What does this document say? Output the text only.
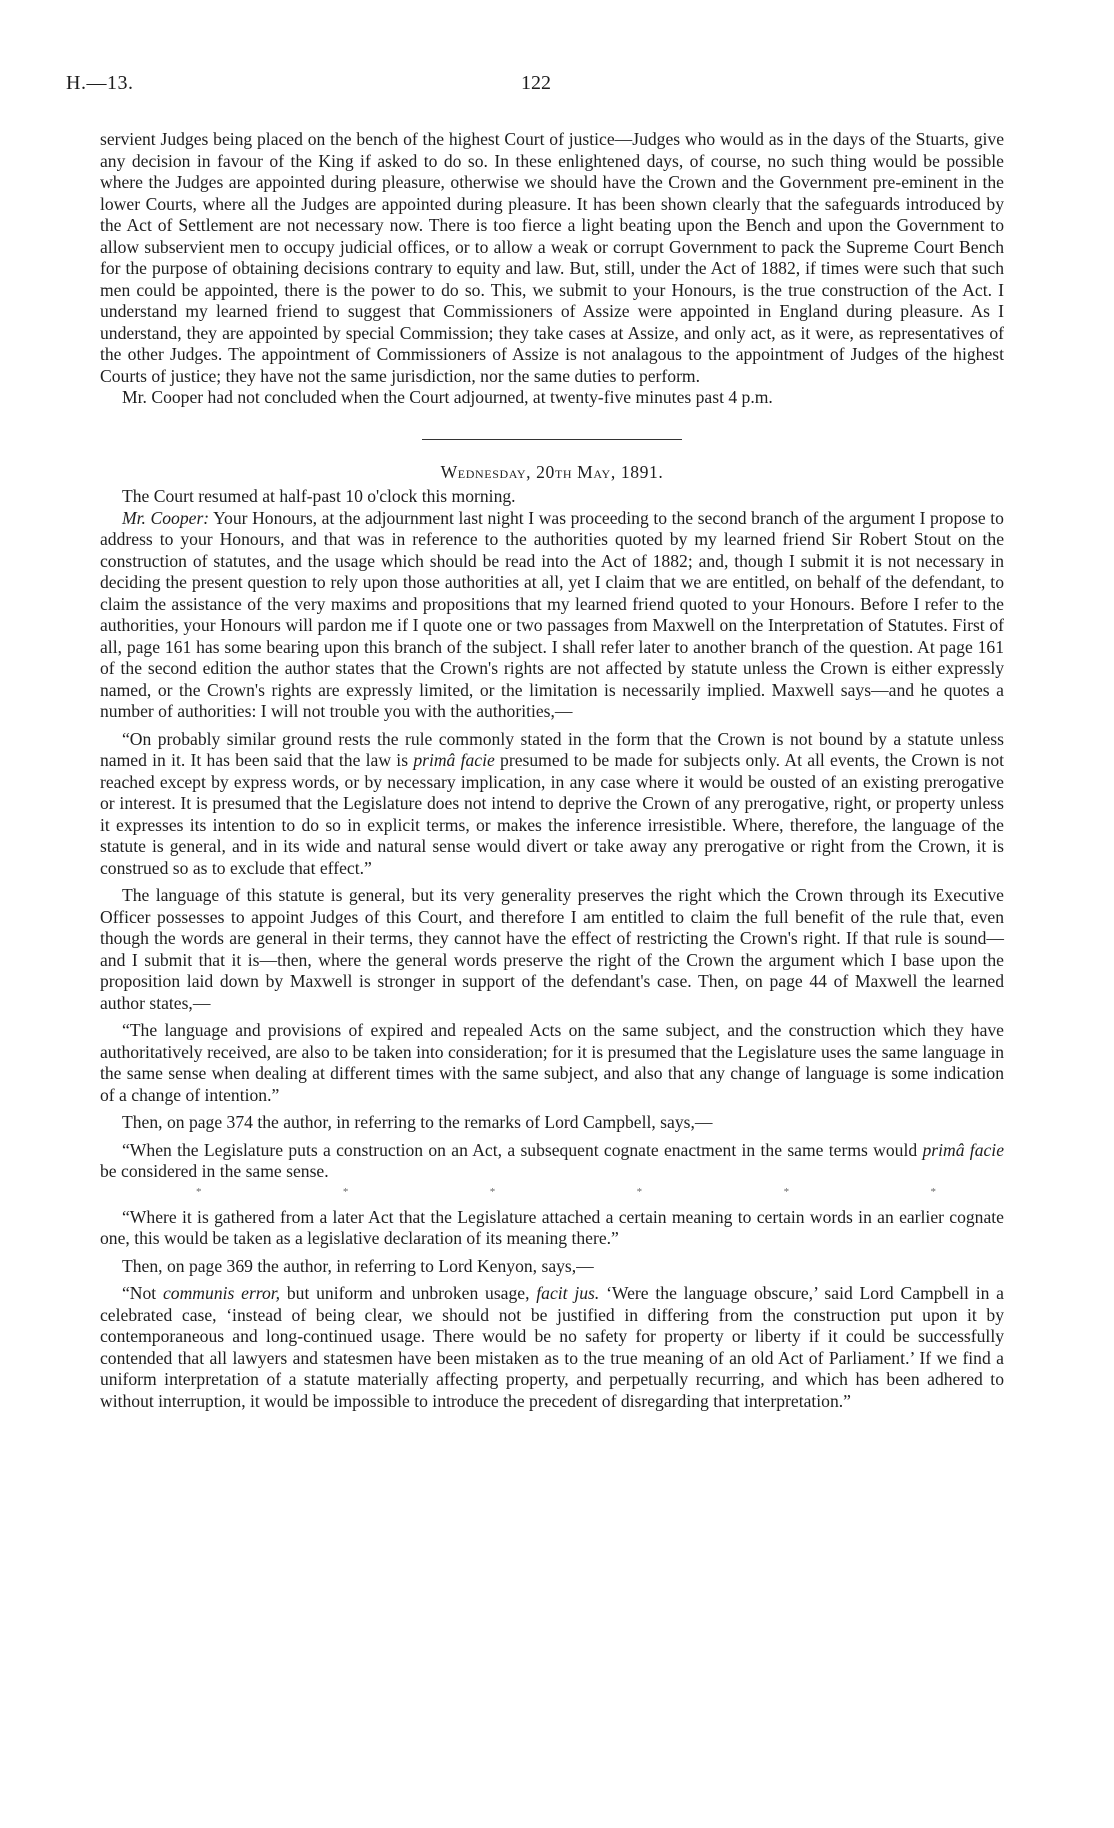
H.—13.	122

servient Judges being placed on the bench of the highest Court of justice—Judges who would as in the days of the Stuarts, give any decision in favour of the King if asked to do so. In these enlightened days, of course, no such thing would be possible where the Judges are appointed during pleasure, otherwise we should have the Crown and the Government pre-eminent in the lower Courts, where all the Judges are appointed during pleasure. It has been shown clearly that the safeguards introduced by the Act of Settlement are not necessary now. There is too fierce a light beating upon the Bench and upon the Government to allow subservient men to occupy judicial offices, or to allow a weak or corrupt Government to pack the Supreme Court Bench for the purpose of obtaining decisions contrary to equity and law. But, still, under the Act of 1882, if times were such that such men could be appointed, there is the power to do so. This, we submit to your Honours, is the true construction of the Act. I understand my learned friend to suggest that Commissioners of Assize were appointed in England during pleasure. As I understand, they are appointed by special Commission; they take cases at Assize, and only act, as it were, as representatives of the other Judges. The appointment of Commissioners of Assize is not analagous to the appointment of Judges of the highest Courts of justice; they have not the same jurisdiction, nor the same duties to perform.

Mr. Cooper had not concluded when the Court adjourned, at twenty-five minutes past 4 p.m.

Wednesday, 20th May, 1891.

The Court resumed at half-past 10 o'clock this morning.

Mr. Cooper: Your Honours, at the adjournment last night I was proceeding to the second branch of the argument I propose to address to your Honours, and that was in reference to the authorities quoted by my learned friend Sir Robert Stout on the construction of statutes, and the usage which should be read into the Act of 1882; and, though I submit it is not necessary in deciding the present question to rely upon those authorities at all, yet I claim that we are entitled, on behalf of the defendant, to claim the assistance of the very maxims and propositions that my learned friend quoted to your Honours. Before I refer to the authorities, your Honours will pardon me if I quote one or two passages from Maxwell on the Interpretation of Statutes. First of all, page 161 has some bearing upon this branch of the subject. I shall refer later to another branch of the question. At page 161 of the second edition the author states that the Crown's rights are not affected by statute unless the Crown is either expressly named, or the Crown's rights are expressly limited, or the limitation is necessarily implied. Maxwell says—and he quotes a number of authorities: I will not trouble you with the authorities,—

“On probably similar ground rests the rule commonly stated in the form that the Crown is not bound by a statute unless named in it. It has been said that the law is primâ facie presumed to be made for subjects only. At all events, the Crown is not reached except by express words, or by necessary implication, in any case where it would be ousted of an existing prerogative or interest. It is presumed that the Legislature does not intend to deprive the Crown of any prerogative, right, or property unless it expresses its intention to do so in explicit terms, or makes the inference irresistible. Where, therefore, the language of the statute is general, and in its wide and natural sense would divert or take away any prerogative or right from the Crown, it is construed so as to exclude that effect.”

The language of this statute is general, but its very generality preserves the right which the Crown through its Executive Officer possesses to appoint Judges of this Court, and therefore I am entitled to claim the full benefit of the rule that, even though the words are general in their terms, they cannot have the effect of restricting the Crown's right. If that rule is sound—and I submit that it is—then, where the general words preserve the right of the Crown the argument which I base upon the proposition laid down by Maxwell is stronger in support of the defendant's case. Then, on page 44 of Maxwell the learned author states,—

“The language and provisions of expired and repealed Acts on the same subject, and the construction which they have authoritatively received, are also to be taken into consideration; for it is presumed that the Legislature uses the same language in the same sense when dealing at different times with the same subject, and also that any change of language is some indication of a change of intention.”

Then, on page 374 the author, in referring to the remarks of Lord Campbell, says,—

“When the Legislature puts a construction on an Act, a subsequent cognate enactment in the same terms would primâ facie be considered in the same sense.

*	*	*	*	*	*

“Where it is gathered from a later Act that the Legislature attached a certain meaning to certain words in an earlier cognate one, this would be taken as a legislative declaration of its meaning there.”

Then, on page 369 the author, in referring to Lord Kenyon, says,—

“Not communis error, but uniform and unbroken usage, facit jus. ‘Were the language obscure,’ said Lord Campbell in a celebrated case, ‘instead of being clear, we should not be justified in differing from the construction put upon it by contemporaneous and long-continued usage. There would be no safety for property or liberty if it could be successfully contended that all lawyers and statesmen have been mistaken as to the true meaning of an old Act of Parliament.’ If we find a uniform interpretation of a statute materially affecting property, and perpetually recurring, and which has been adhered to without interruption, it would be impossible to introduce the precedent of disregarding that interpretation.”
